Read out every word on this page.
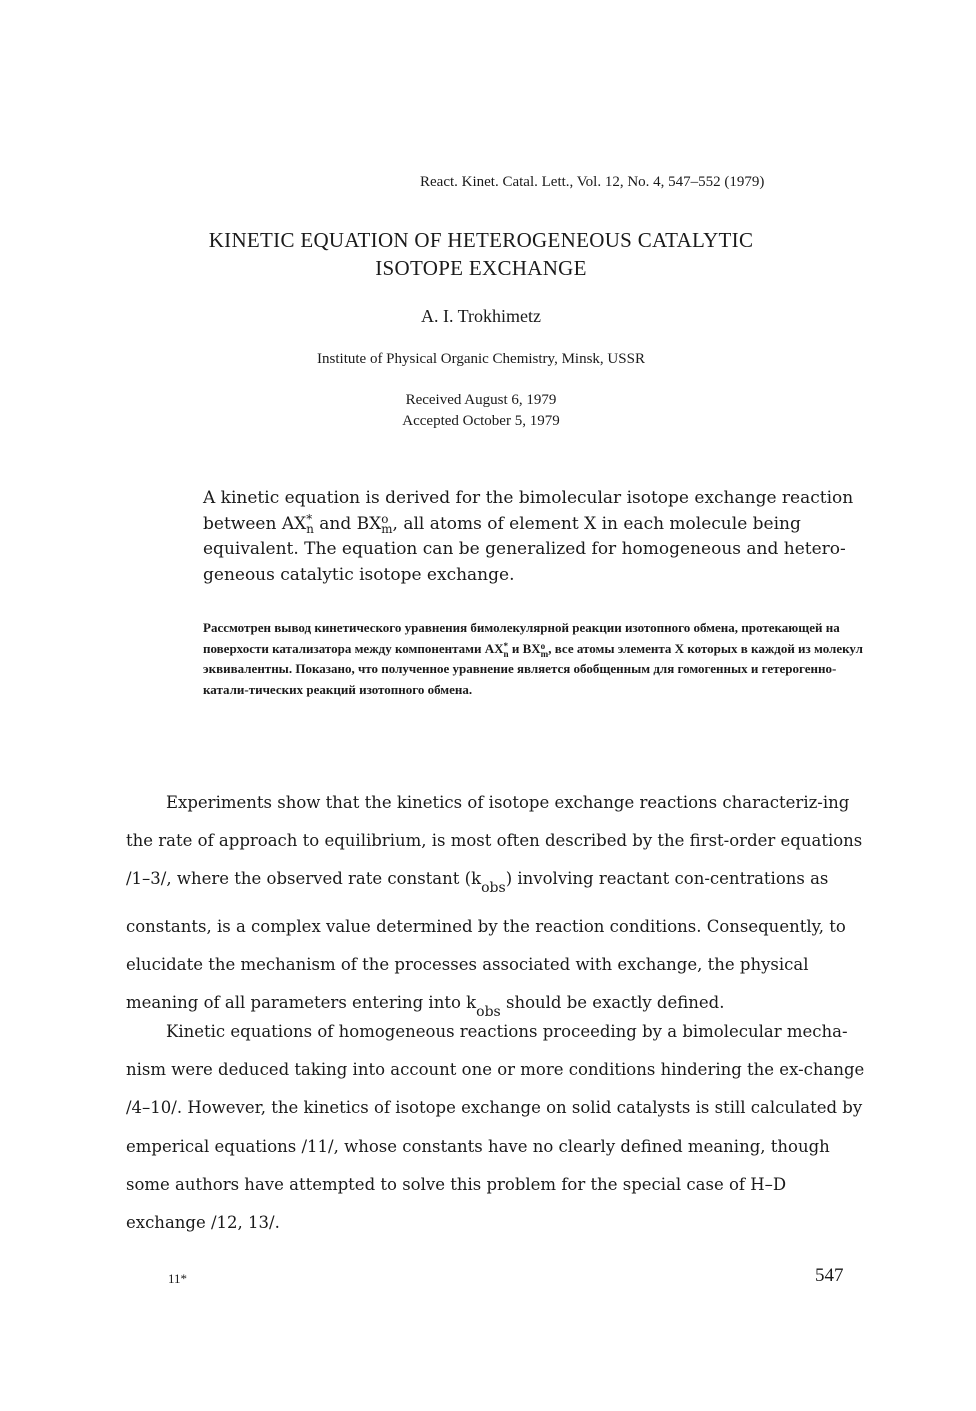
React. Kinet. Catal. Lett., Vol. 12, No. 4, 547–552 (1979)
KINETIC EQUATION OF HETEROGENEOUS CATALYTIC
ISOTOPE EXCHANGE
A. I. Trokhimetz
Institute of Physical Organic Chemistry, Minsk, USSR
Received August 6, 1979
Accepted October 5, 1979
A kinetic equation is derived for the bimolecular isotope exchange reaction between AX *
n and BX o
m , all atoms of element X in each molecule being equivalent. The equation can be generalized for homogeneous and hetero-geneous catalytic isotope exchange.
Рассмотрен вывод кинетического уравнения бимолекулярной реакции изотопного обмена, протекающей на поверхости катализатора между компонентами AX *
n и BX o
m , все атомы элемента X которых в каждой из молекул эквивалентны. Показано, что полученное уравнение является обобщенным для гомогенных и гетерогенно-катали-тических реакций изотопного обмена.

Experiments show that the kinetics of isotope exchange reactions characteriz-ing the rate of approach to equilibrium, is most often described by the first-order equations /1–3/, where the observed rate constant $(k_{obs})$ involving reactant con-centrations as constants, is a complex value determined by the reaction conditions. Consequently, to elucidate the mechanism of the processes associated with exchange, the physical meaning of all parameters entering into $k_{obs}$ should be exactly defined.

Kinetic equations of homogeneous reactions proceeding by a bimolecular mecha-nism were deduced taking into account one or more conditions hindering the ex-change /4–10/. However, the kinetics of isotope exchange on solid catalysts is still calculated by emperical equations /11/, whose constants have no clearly defined meaning, though some authors have attempted to solve this problem for the special case of H–D exchange /12, 13/.

11*	547
